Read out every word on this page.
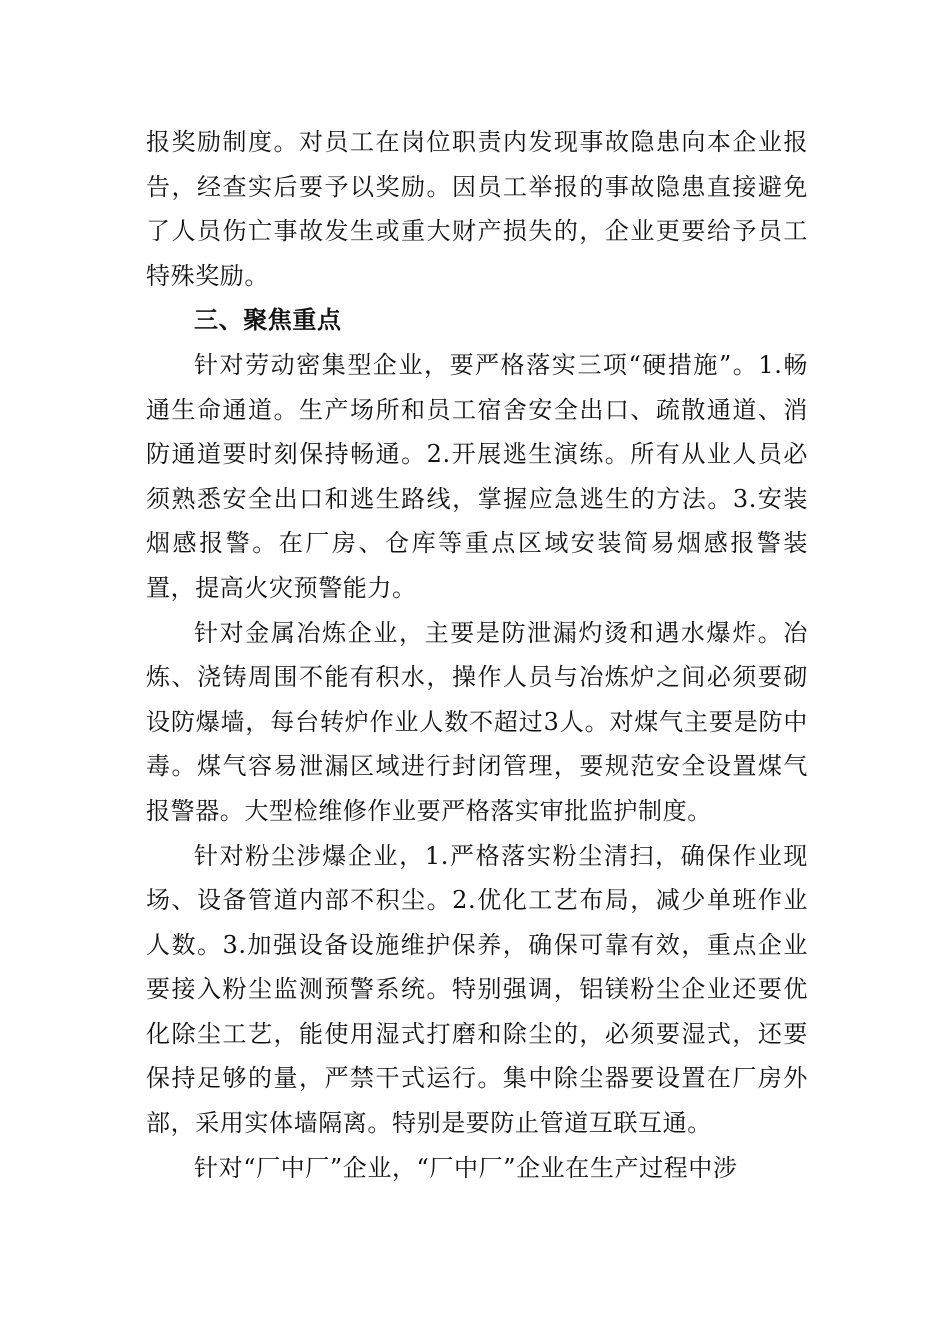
报奖励制度。对员工在岗位职责内发现事故隐患向本企业报告，经查实后要予以奖励。因员工举报的事故隐患直接避免了人员伤亡事故发生或重大财产损失的，企业更要给予员工特殊奖励。

三、聚焦重点

针对劳动密集型企业，要严格落实三项“硬措施”。1.畅通生命通道。生产场所和员工宿舍安全出口、疏散通道、消防通道要时刻保持畅通。2.开展逃生演练。所有从业人员必须熟悉安全出口和逃生路线，掌握应急逃生的方法。3.安装烟感报警。在厂房、仓库等重点区域安装简易烟感报警装置，提高火灾预警能力。

针对金属冶炼企业，主要是防泄漏灼烫和遇水爆炸。冶炼、浇铸周围不能有积水，操作人员与冶炼炉之间必须要砌设防爆墙，每台转炉作业人数不超过3人。对煤气主要是防中毒。煤气容易泄漏区域进行封闭管理，要规范安全设置煤气报警器。大型检维修作业要严格落实审批监护制度。

针对粉尘涉爆企业，1.严格落实粉尘清扫，确保作业现场、设备管道内部不积尘。2.优化工艺布局，减少单班作业人数。3.加强设备设施维护保养，确保可靠有效，重点企业要接入粉尘监测预警系统。特别强调，铝镁粉尘企业还要优化除尘工艺，能使用湿式打磨和除尘的，必须要湿式，还要保持足够的量，严禁干式运行。集中除尘器要设置在厂房外部，采用实体墙隔离。特别是要防止管道互联互通。

针对“厂中厂”企业，“厂中厂”企业在生产过程中涉
